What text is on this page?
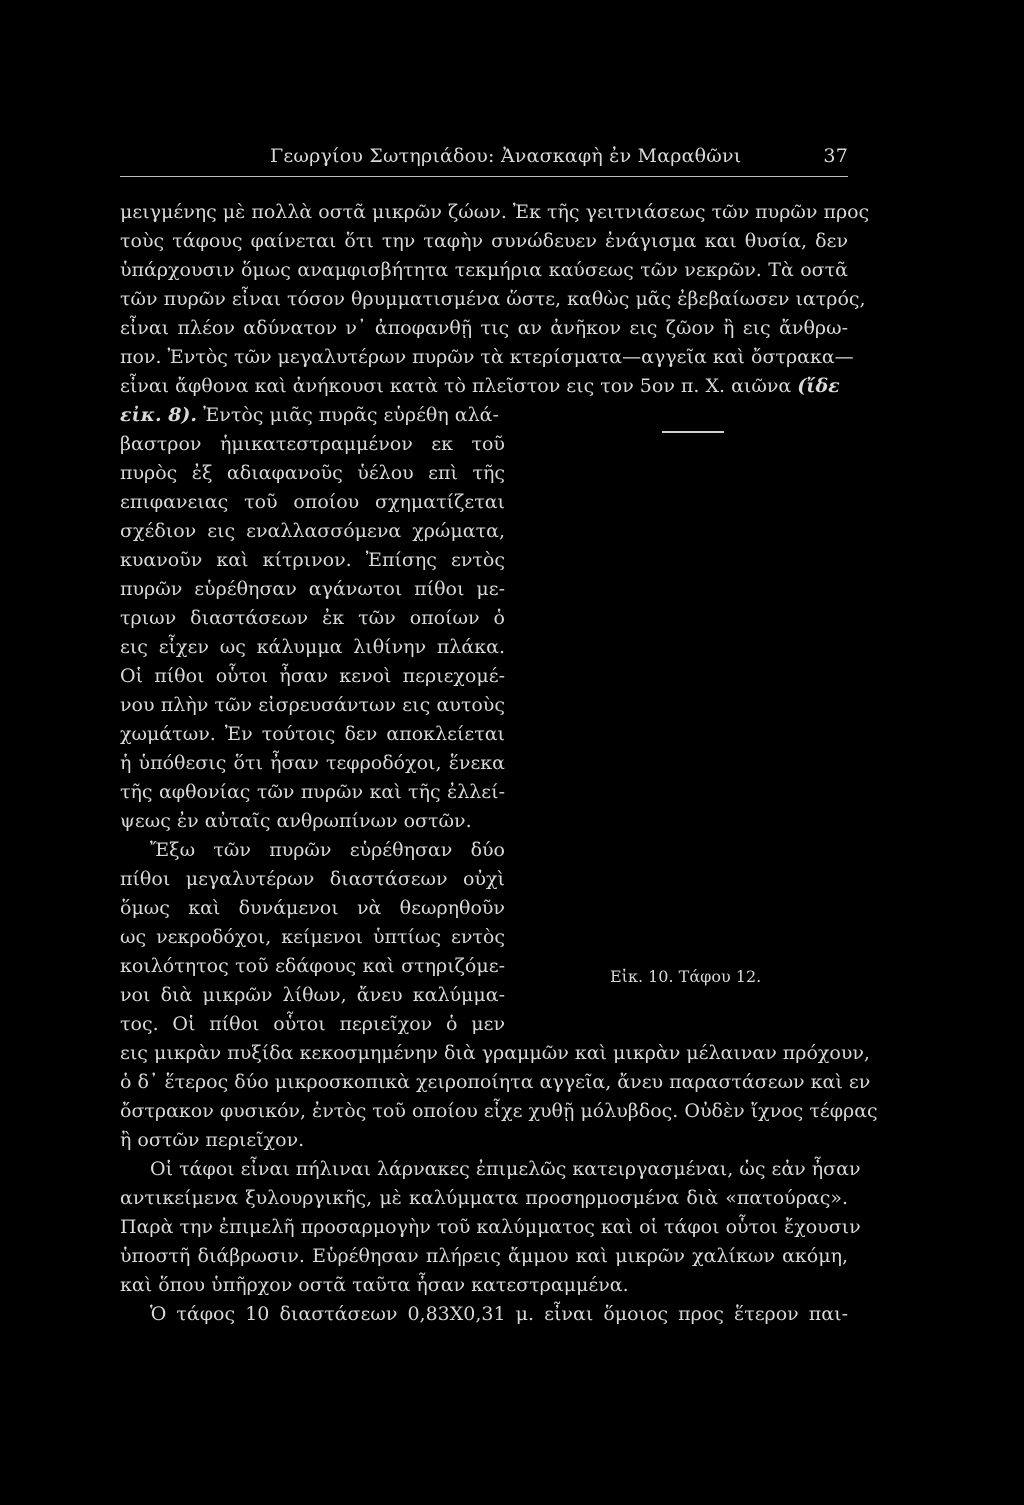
Γεωργίου Σωτηριάδου: Ἀνασκαφὴ ἐν Μαραθῶνι	37
μειγμένης μὲ πολλὰ οστᾶ μικρῶν ζώων. Ἐκ τῆς γειτνιάσεως τῶν πυρῶν προς
τοὺς τάφους φαίνεται ὅτι την ταφὴν συνώδευεν ἐνάγισμα και θυσία, δεν
ὑπάρχουσιν ὅμως αναμφισβήτητα τεκμήρια καύσεως τῶν νεκρῶν. Τὰ οστᾶ
τῶν πυρῶν εἶναι τόσον θρυμματισμένα ὥστε, καθὼς μᾶς ἐβεβαίωσεν ιατρός,
εἶναι πλέον αδύνατον ν᾽ ἀποφανθῇ τις αν ἀνῆκον εις ζῶον ἢ εις ἄνθρω-
πον. Ἐντὸς τῶν μεγαλυτέρων πυρῶν τὰ κτερίσματα—αγγεῖα καὶ ὄστρακα—
εἶναι ἄφθονα καὶ ἀνήκουσι κατὰ τὸ πλεῖστον εις τον 5ον π. Χ. αιῶνα (ἴδε
εἰκ. 8). Ἐντὸς μιᾶς πυρᾶς εὑρέθη αλά-
βαστρον ἡμικατεστραμμένον εκ τοῦ
πυρὸς ἐξ αδιαφανοῦς ὑέλου επὶ τῆς
επιφανειας τοῦ οποίου σχηματίζεται
σχέδιον εις εναλλασσόμενα χρώματα,
κυανοῦν καὶ κίτρινον. Ἐπίσης εντὸς
πυρῶν εὑρέθησαν αγάνωτοι πίθοι με-
τριων διαστάσεων ἐκ τῶν οποίων ὁ
εις εἶχεν ως κάλυμμα λιθίνην πλάκα.
Οἱ πίθοι οὗτοι ἦσαν κενοὶ περιεχομέ-
νου πλὴν τῶν εἰσρευσάντων εις αυτοὺς
χωμάτων. Ἐν τούτοις δεν αποκλείεται
ἡ ὑπόθεσις ὅτι ἦσαν τεφροδόχοι, ἕνεκα
τῆς αφθονίας τῶν πυρῶν καὶ τῆς ἐλλεί-
ψεως ἐν αὐταῖς ανθρωπίνων οστῶν.
Ἔξω τῶν πυρῶν εὑρέθησαν δύο
πίθοι μεγαλυτέρων διαστάσεων οὐχὶ
ὅμως καὶ δυνάμενοι νὰ θεωρηθοῦν
ως νεκροδόχοι, κείμενοι ὑπτίως εντὸς
κοιλότητος τοῦ εδάφους καὶ στηριζόμε-
νοι διὰ μικρῶν λίθων, ἄνευ καλύμμα-
τος. Οἱ πίθοι οὗτοι περιεῖχον ὁ μεν
Εἰκ. 10. Τάφου 12.
εις μικρὰν πυξίδα κεκοσμημένην διὰ γραμμῶν καὶ μικρὰν μέλαιναν πρόχουν,
ὁ δ᾽ ἕτερος δύο μικροσκοπικὰ χειροποίητα αγγεῖα, ἄνευ παραστάσεων καὶ εν
ὄστρακον φυσικόν, ἐντὸς τοῦ οποίου εἶχε χυθῇ μόλυβδος. Οὐδὲν ἴχνος τέφρας
ἢ οστῶν περιεῖχον.
Οἱ τάφοι εἶναι πήλιναι λάρνακες ἐπιμελῶς κατειργασμέναι, ὡς εἀν ἦσαν
αντικείμενα ξυλουργικῆς, μὲ καλύμματα προσηρμοσμένα διὰ «πατούρας».
Παρὰ την ἐπιμελῆ προσαρμογὴν τοῦ καλύμματος καὶ οἱ τάφοι οὗτοι ἔχουσιν
ὑποστῆ διάβρωσιν. Εὑρέθησαν πλήρεις ἄμμου καὶ μικρῶν χαλίκων ακόμη,
καὶ ὅπου ὑπῆρχον οστᾶ ταῦτα ἦσαν κατεστραμμένα.
Ὁ τάφος 10 διαστάσεων 0,83Χ0,31 μ. εἶναι ὅμοιος προς ἕτερον παι-
